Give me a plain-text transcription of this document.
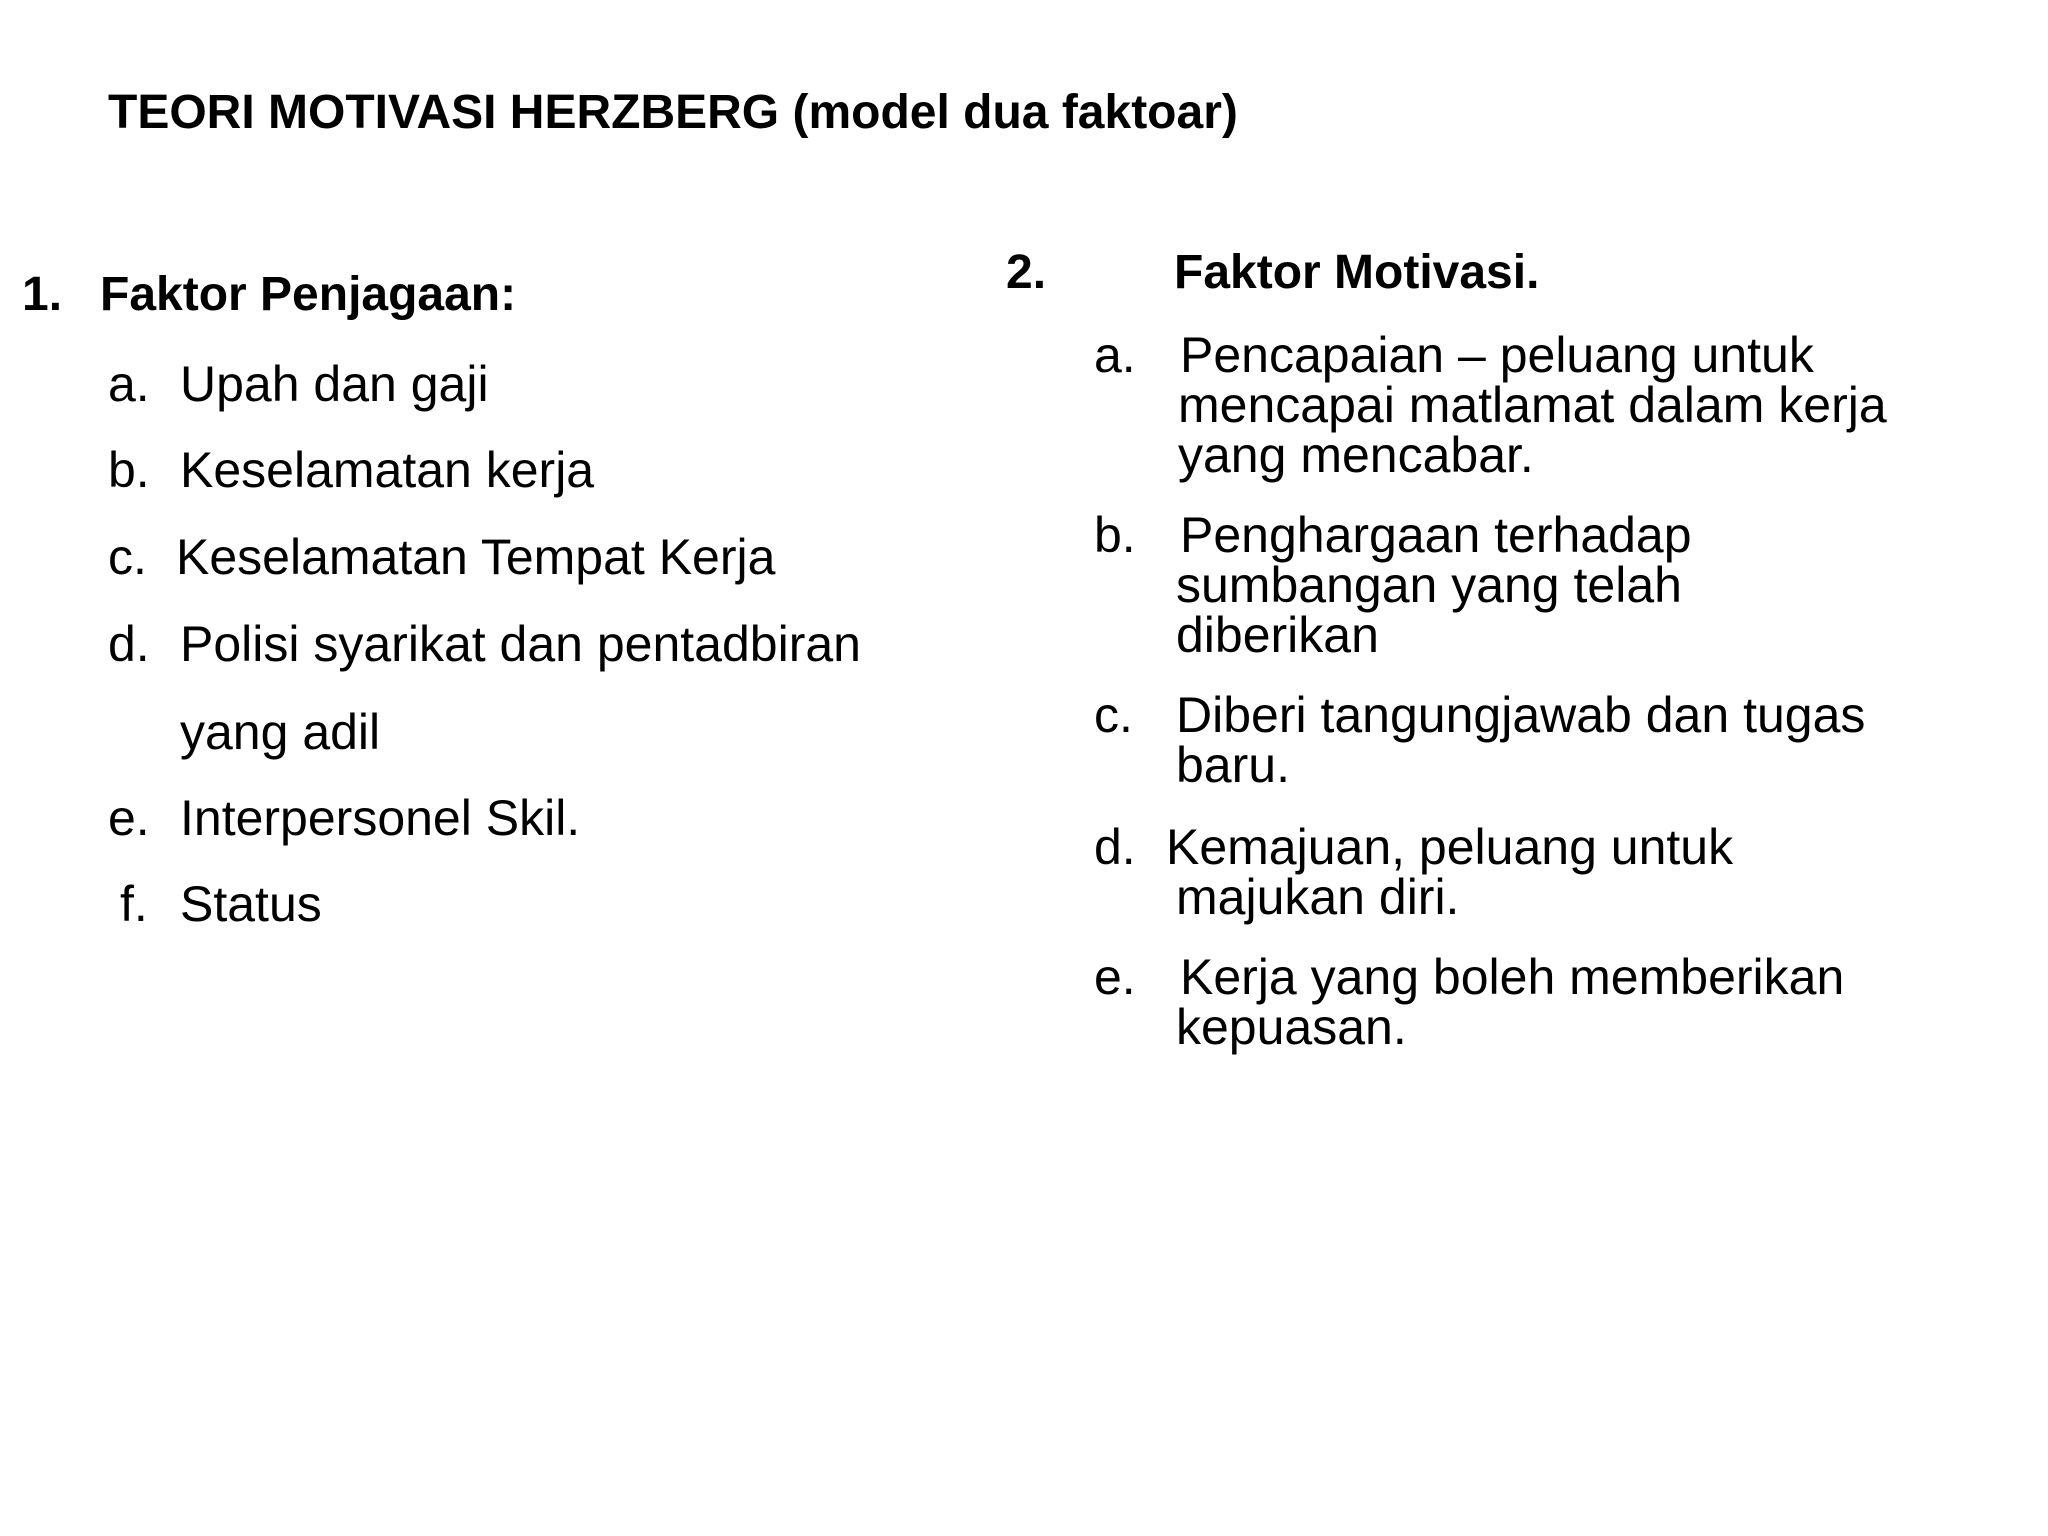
TEORI MOTIVASI HERZBERG (model dua faktoar)
1. Faktor Penjagaan:
a. Upah dan gaji
b. Keselamatan kerja
c. Keselamatan Tempat Kerja
d. Polisi syarikat dan pentadbiran
yang adil
e. Interpersonel Skil.
f. Status
2.	Faktor Motivasi.
a. Pencapaian – peluang untuk
mencapai matlamat dalam kerja
yang mencabar.
b. Penghargaan terhadap
sumbangan yang telah
diberikan
c. Diberi tangungjawab dan tugas
baru.
d. Kemajuan, peluang untuk
majukan diri.
e. Kerja yang boleh memberikan
kepuasan.
